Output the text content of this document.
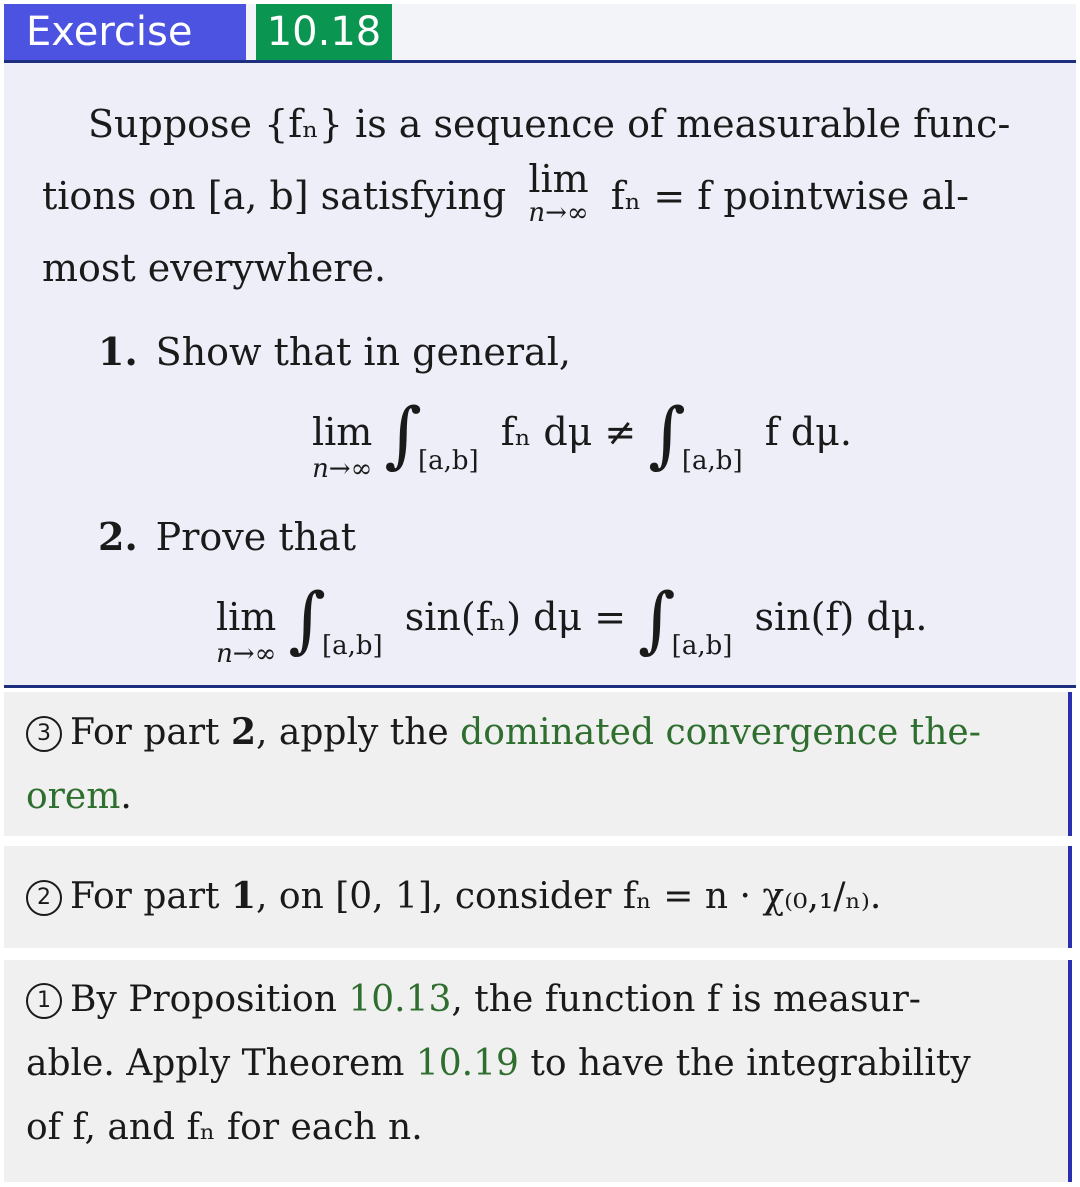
Exercise	10.18
Suppose {fₙ} is a sequence of measurable func-
tions on [a, b] satisfying lim
n→∞ fₙ = f pointwise al-
most everywhere.
1. Show that in general,
lim
n→∞ $\int_{[a,b]}$ fₙ $d\mu \ne \int_{[a,b]}$ f dμ.
2. Prove that
lim
n→∞ $\int_{[a,b]}$ sin(fₙ) $d\mu = \int_{[a,b]}$ sin(f) dμ.

3 For part 2, apply the dominated convergence the-

orem.

2 For part 1, on [0, 1], consider fₙ = n · χ₍₀,₁/ₙ₎.

1 By Proposition 10.13, the function f is measur-

able. Apply Theorem 10.19 to have the integrability

of f, and fₙ for each n.
